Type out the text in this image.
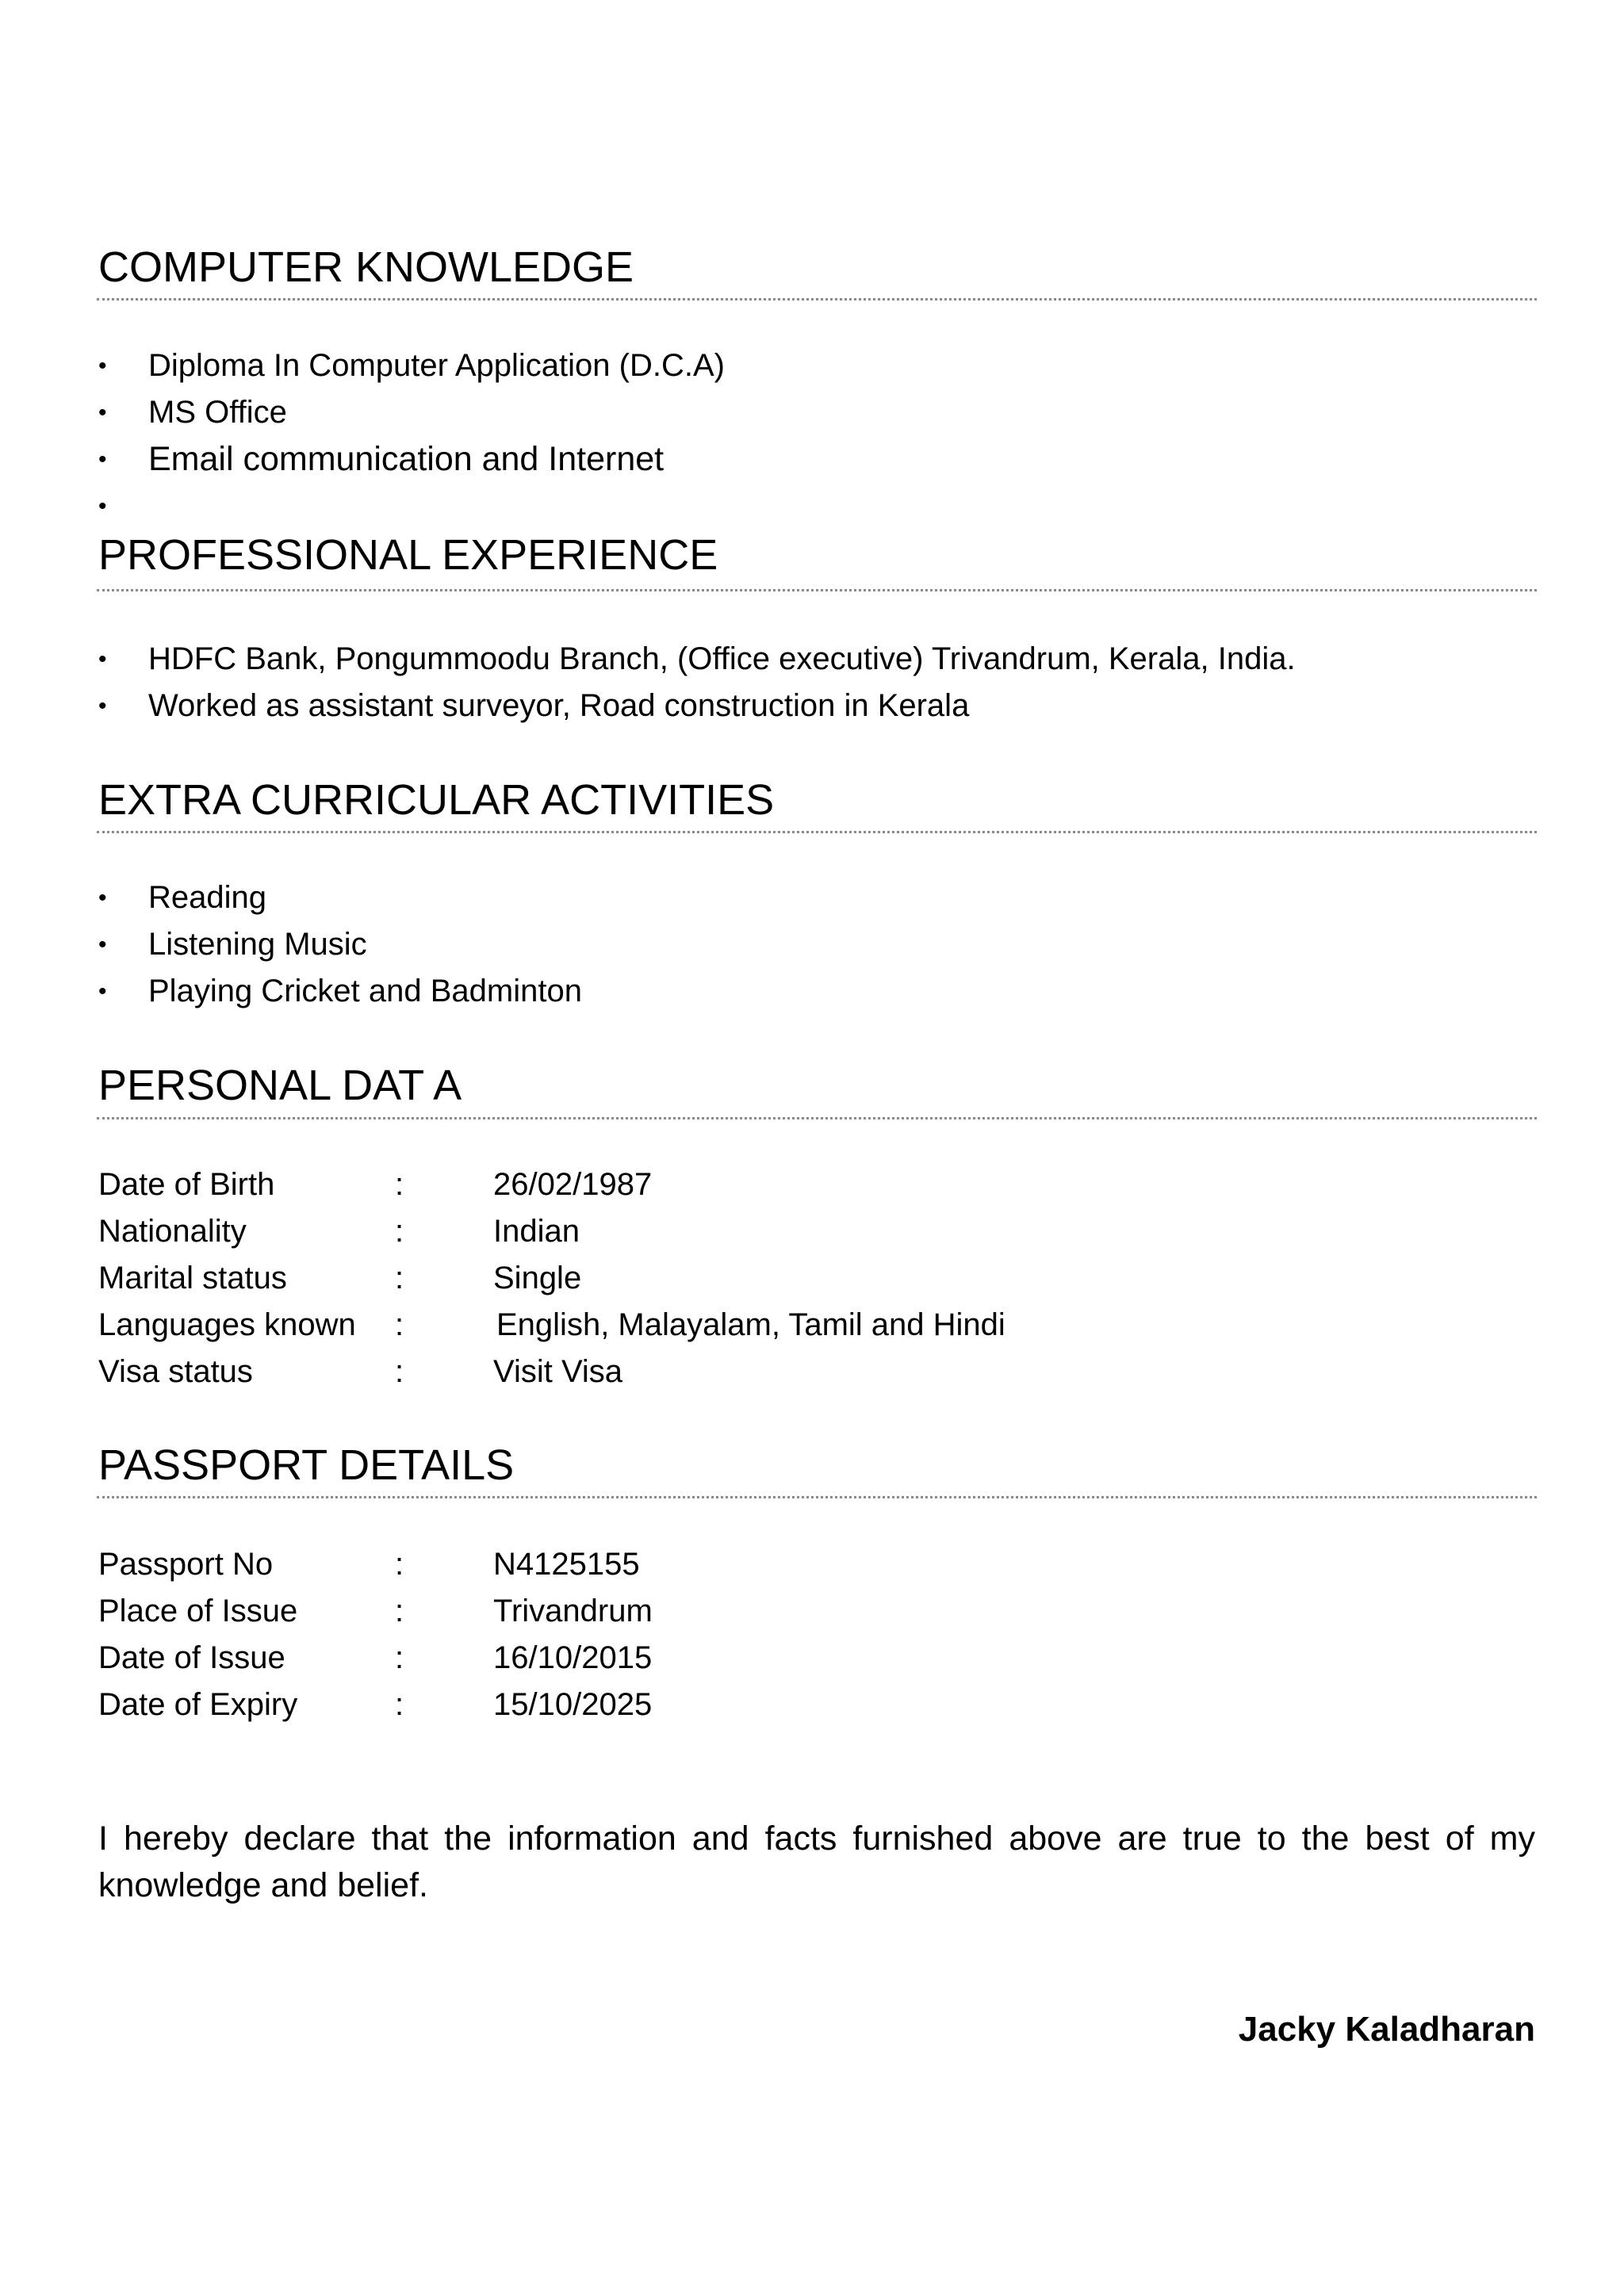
COMPUTER KNOWLEDGE
• Diploma In Computer Application (D.C.A)
• MS Office
• Email communication and Internet
•
PROFESSIONAL EXPERIENCE
• HDFC Bank, Pongummoodu Branch, (Office executive) Trivandrum, Kerala, India.
• Worked as assistant surveyor, Road construction in Kerala
EXTRA CURRICULAR ACTIVITIES
• Reading
• Listening Music
• Playing Cricket and Badminton
PERSONAL DAT A
Date of Birth	:	26/02/1987
Nationality	:	Indian
Marital status	:	Single
Languages known :	English, Malayalam, Tamil and Hindi
Visa status	:	Visit Visa
PASSPORT DETAILS
Passport No	:	N4125155
Place of Issue	:	Trivandrum
Date of Issue	:	16/10/2015
Date of Expiry	:	15/10/2025

I hereby declare that the information and facts furnished above are true to the best of my knowledge and belief.

Jacky Kaladharan
